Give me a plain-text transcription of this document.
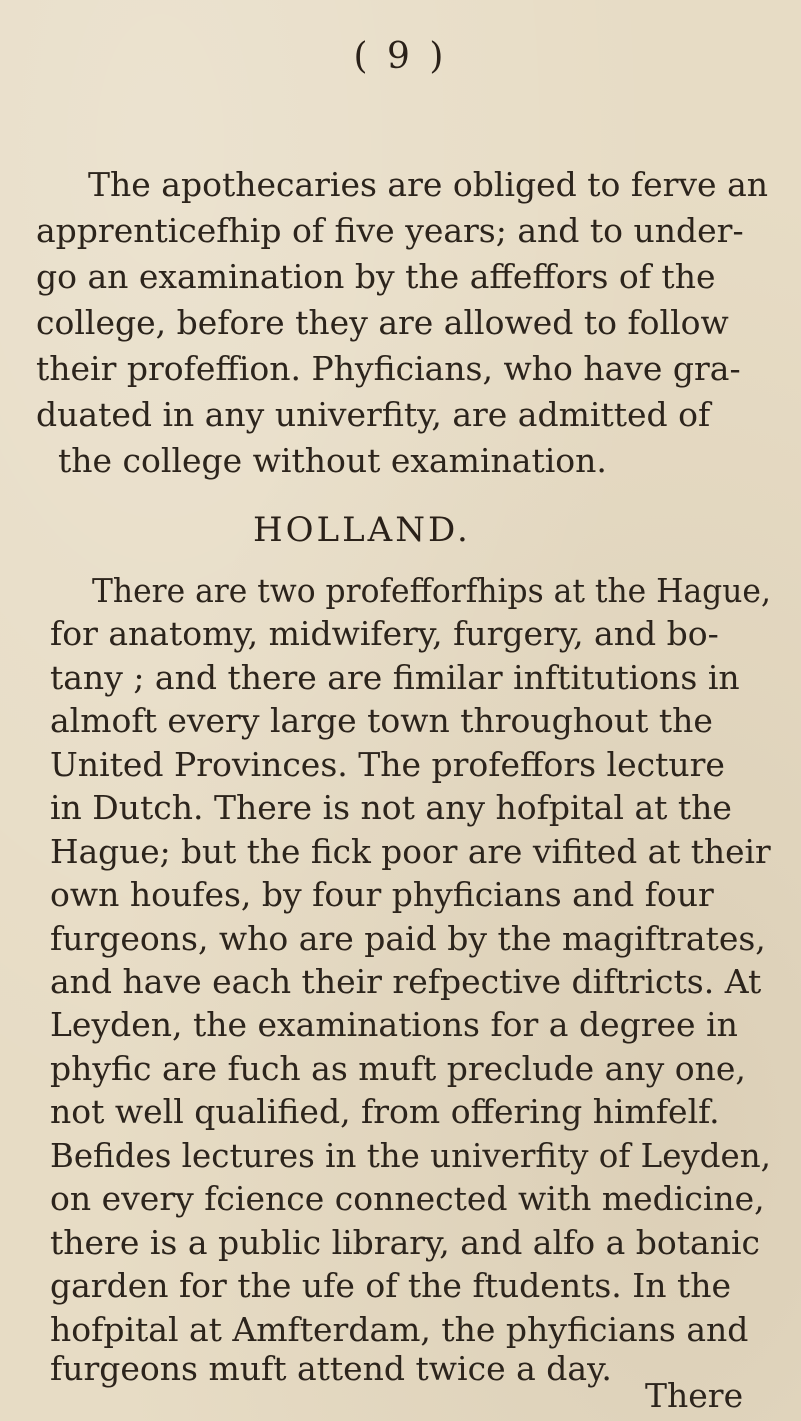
( 9 )
The apothecaries are obliged to ferve an
apprenticefhip of five years; and to under-
go an examination by the affeffors of the
college, before they are allowed to follow
their profeffion. Phyficians, who have gra-
duated in any univerfity, are admitted of
the college without examination.
HOLLAND.
There are two profefforfhips at the Hague,
for anatomy, midwifery, furgery, and bo-
tany ; and there are fimilar inftitutions in
almoft every large town throughout the
United Provinces. The profeffors lecture
in Dutch. There is not any hofpital at the
Hague; but the fick poor are vifited at their
own houfes, by four phyficians and four
furgeons, who are paid by the magiftrates,
and have each their refpective diftricts. At
Leyden, the examinations for a degree in
phyfic are fuch as muft preclude any one,
not well qualified, from offering himfelf.
Befides lectures in the univerfity of Leyden,
on every fcience connected with medicine,
there is a public library, and alfo a botanic
garden for the ufe of the ftudents. In the
hofpital at Amfterdam, the phyficians and
furgeons muft attend twice a day.
There
